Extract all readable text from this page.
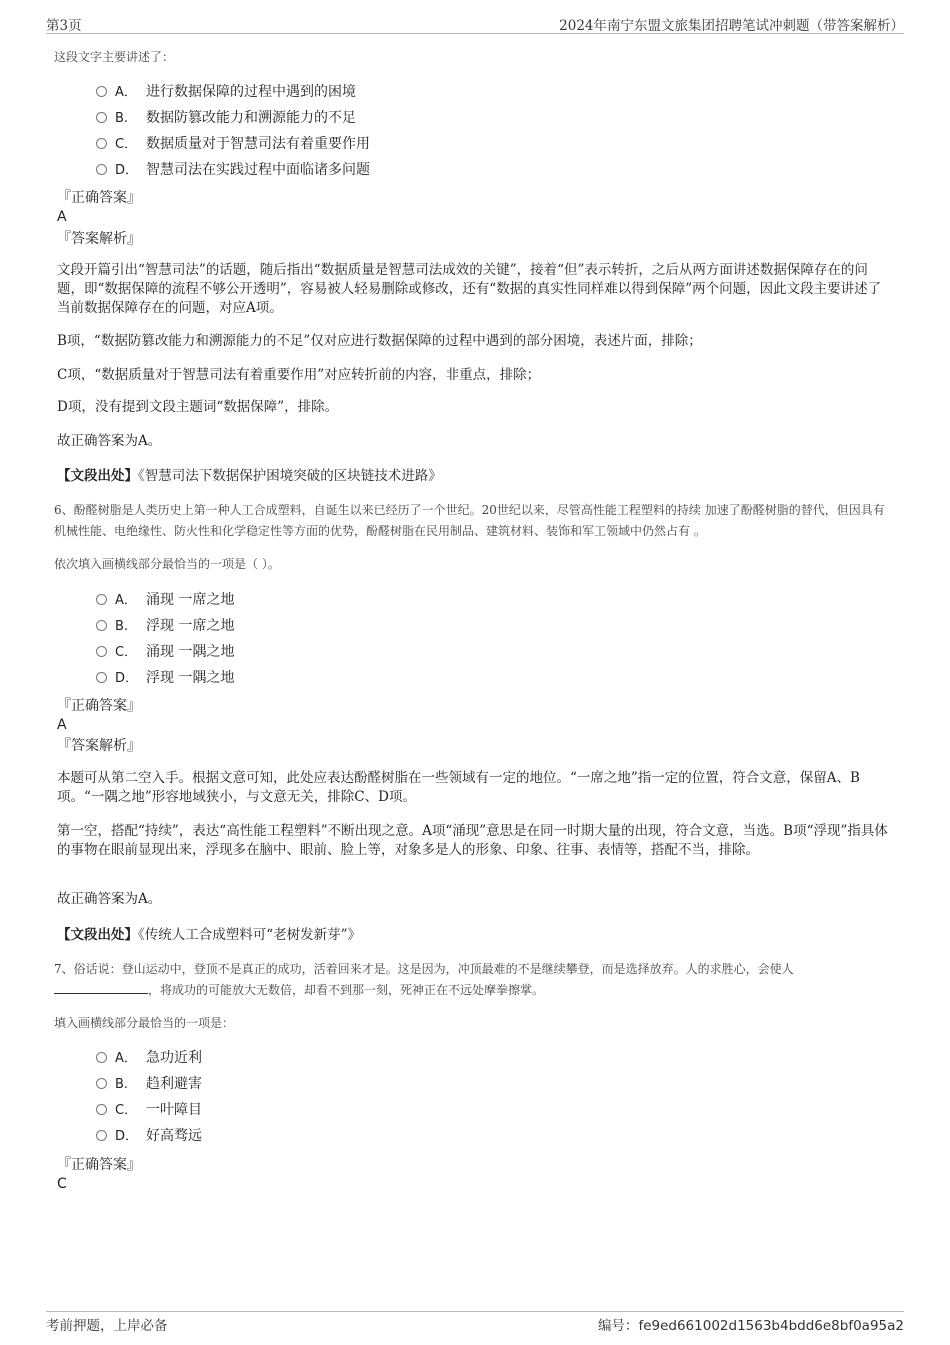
第3页	2024年南宁东盟文旅集团招聘笔试冲刺题（带答案解析）
这段文字主要讲述了：
A． 进行数据保障的过程中遇到的困境
B. 数据防篡改能力和溯源能力的不足
C． 数据质量对于智慧司法有着重要作用
D． 智慧司法在实践过程中面临诸多问题
『正确答案』
A
『答案解析』
文段开篇引出“智慧司法”的话题，随后指出“数据质量是智慧司法成效的关键”，接着“但”表示转折，之后从两方面讲述数据保障存在的问题，即“数据保障的流程不够公开透明”，容易被人轻易删除或修改，还有“数据的真实性同样难以得到保障”两个问题，因此文段主要讲述了当前数据保障存在的问题，对应A项。
B项，“数据防篡改能力和溯源能力的不足”仅对应进行数据保障的过程中遇到的部分困境，表述片面，排除；
C项，“数据质量对于智慧司法有着重要作用”对应转折前的内容，非重点，排除；
D项，没有提到文段主题词“数据保障”，排除。
故正确答案为A。
【文段出处】《智慧司法下数据保护困境突破的区块链技术进路》
6、酚醛树脂是人类历史上第一种人工合成塑料，自诞生以来已经历了一个世纪。20世纪以来，尽管高性能工程塑料的持续 加速了酚醛树脂的替代，但因具有机械性能、电绝缘性、防火性和化学稳定性等方面的优势，酚醛树脂在民用制品、建筑材料、装饰和军工领域中仍然占有 。
依次填入画横线部分最恰当的一项是（ ）。
A． 涌现 一席之地
B. 浮现 一席之地
C． 涌现 一隅之地
D． 浮现 一隅之地
『正确答案』
A
『答案解析』
本题可从第二空入手。根据文意可知，此处应表达酚醛树脂在一些领域有一定的地位。“一席之地”指一定的位置，符合文意，保留A、B项。“一隅之地”形容地域狭小，与文意无关，排除C、D项。
第一空，搭配“持续”，表达“高性能工程塑料”不断出现之意。A项“涌现”意思是在同一时期大量的出现，符合文意，当选。B项“浮现”指具体的事物在眼前显现出来，浮现多在脑中、眼前、脸上等，对象多是人的形象、印象、往事、表情等，搭配不当，排除。
故正确答案为A。
【文段出处】《传统人工合成塑料可“老树发新芽”》
7、俗话说：登山运动中，登顶不是真正的成功，活着回来才是。这是因为，冲顶最难的不是继续攀登，而是选择放弃。人的求胜心，会使人
，将成功的可能放大无数倍，却看不到那一刻，死神正在不远处摩拳擦掌。
填入画横线部分最恰当的一项是：
A． 急功近利
B. 趋利避害
C． 一叶障目
D． 好高骛远
『正确答案』
C
考前押题，上岸必备	编号：fe9ed661002d1563b4bdd6e8bf0a95a2
